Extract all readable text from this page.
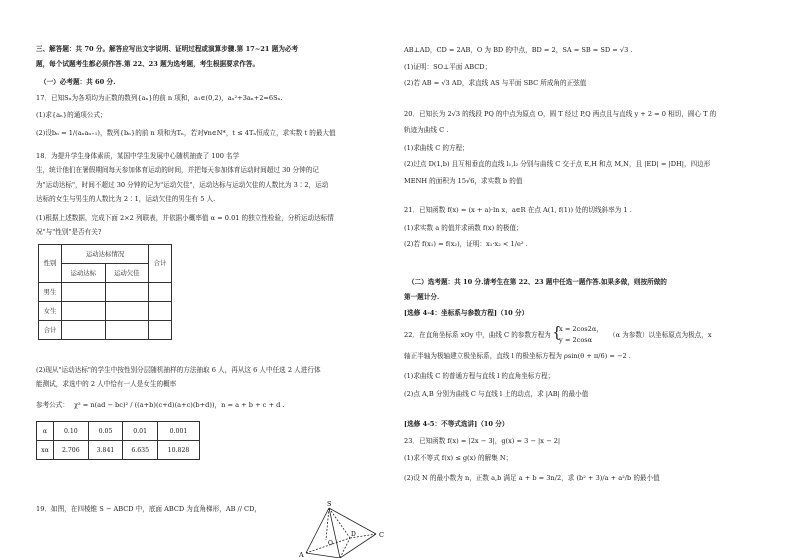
三、解答题：共 70 分。解答应写出文字说明、证明过程或演算步骤.第 17~21 题为必考

题，每个试题考生都必须作答.第 22、23 题为选考题，考生根据要求作答。

（一）必考题：共 60 分.

17．已知Sₙ为各项均为正数的数列{aₙ}的前 n 项和，a₁∈(0,2)，aₙ²+3aₙ+2=6Sₙ.

(1)求{aₙ}的通项公式；

(2)设bₙ = 1/(aₙaₙ₊₁)，数列{bₙ}的前 n 项和为Tₙ，若对∀n∈N*，t ≤ 4Tₙ恒成立，求实数 t 的最大值

18．为提升学生身体素质，某国中学生发展中心随机抽查了 100 名学

生，统计他们在暑假期间每天参加体育运动的时间，并把每天参加体育运动时间超过 30 分钟的记

为"运动达标"，时间不超过 30 分钟的记为"运动欠佳"，运动达标与运动欠佳的人数比为 3∶2，运动

达标的女生与男生的人数比为 2∶1，运动欠佳的男生有 5 人.

(1)根据上述数据，完成下面 2×2 列联表，并依据小概率值 α = 0.01 的独立性检验，分析运动达标情

况"与"性别"是否有关?

性别	运动达标情况		合计
	运动达标	运动欠佳	
男生			
女生			
合计			

(2)现从"运动达标"的学生中按性别分层随机抽样的方法抽取 6 人，再从这 6 人中任选 2 人进行体

能测试，求选中的 2 人中恰有一人是女生的概率

参考公式： χ² = n(ad − bc)² / ((a+b)(c+d)(a+c)(b+d))，n = a + b + c + d .

α	0.10	0.05	0.01	0.001
xα	2.706	3.841	6.635	10.828

19．如图，在四棱锥 S − ABCD 中，底面 ABCD 为直角梯形，AB // CD，

S
C
D
O
A

AB⊥AD，CD = 2AB，O 为 BD 的中点，BD = 2，SA = SB = SD = √3 .

(1)证明：SO⊥平面 ABCD；

(2)若 AB = √3 AD，求直线 AS 与平面 SBC 所成角的正弦值

20．已知长为 2√3 的线段 PQ 的中点为原点 O，圆 T 经过 P,Q 两点且与直线 y + 2 = 0 相切，圆心 T 的

轨迹为曲线 C .

(1)求曲线 C 的方程；

(2)过点 D(1,b) 且互相垂直的直线 l₁,l₂ 分别与曲线 C 交于点 E,H 和点 M,N，且 |ED| = |DH|，四边形

MENH 的面积为 15√6，求实数 b 的值

21．已知函数 f(x) = (x + a)·ln x，a∈R 在点 A(1, f(1)) 处的切线斜率为 1 .

(1)求实数 a 的值并求函数 f(x) 的极值；

(2)若 f(x₁) = f(x₂)，证明：x₁·x₂ < 1/e² .

（二）选考题：共 10 分.请考生在第 22、23 题中任选一题作答.如果多做，则按所做的

第一题计分.

[选修 4-4：坐标系与参数方程]（10 分）

22．在直角坐标系 xOy 中，曲线 C 的参数方程为 {

x = 2cos2α，

y = 2cosα

（α 为参数）以坐标原点为极点，x

轴正半轴为极轴建立极坐标系，直线 l 的极坐标方程为 ρsin(θ + π/6) = −2 .

(1)求曲线 C 的普通方程与直线 l 的直角坐标方程；

(2)点 A,B 分别为曲线 C 与直线 l 上的动点，求 |AB| 的最小值

[选修 4-5：不等式选讲]（10 分）

23．已知函数 f(x) = |2x − 3|，g(x) = 3 − |x − 2|

(1)求不等式 f(x) ≤ g(x) 的解集 N；

(2)设 N 的最小数为 n，正数 a,b 满足 a + b = 3n/2，求 (b² + 3)/a + a²/b 的最小值
